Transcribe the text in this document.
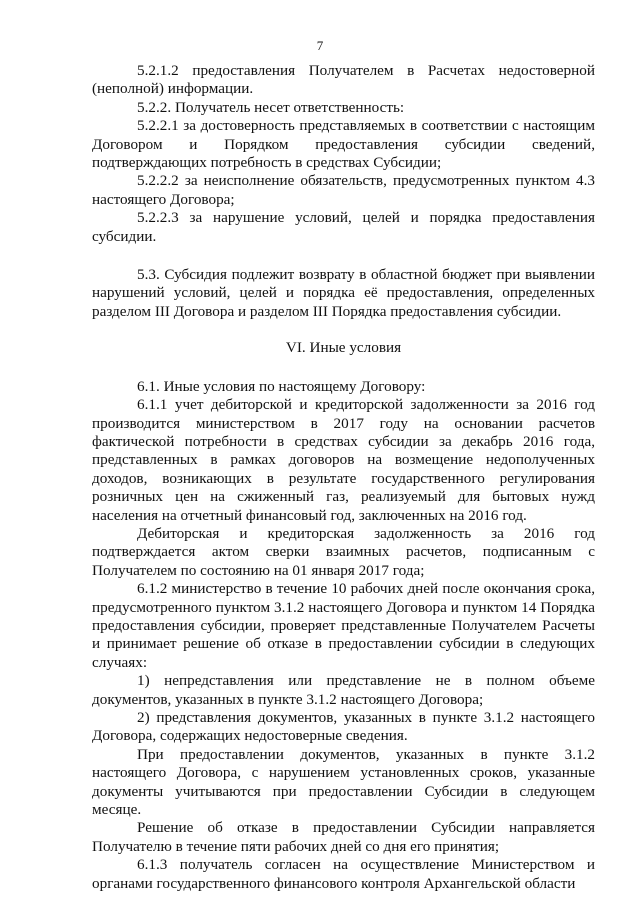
7

5.2.1.2 предоставления Получателем в Расчетах недостоверной (неполной) информации.

5.2.2. Получатель несет ответственность:

5.2.2.1 за достоверность представляемых в соответствии с настоящим Договором и Порядком предоставления субсидии сведений, подтверждающих потребность в средствах Субсидии;

5.2.2.2 за неисполнение обязательств, предусмотренных пунктом 4.3 настоящего Договора;

5.2.2.3 за нарушение условий, целей и порядка предоставления субсидии.

5.3. Субсидия подлежит возврату в областной бюджет при выявлении нарушений условий, целей и порядка её предоставления, определенных разделом III Договора и разделом III Порядка предоставления субсидии.

VI. Иные условия

6.1. Иные условия по настоящему Договору:

6.1.1 учет дебиторской и кредиторской задолженности за 2016 год производится министерством в 2017 году на основании расчетов фактической потребности в средствах субсидии за декабрь 2016 года, представленных в рамках договоров на возмещение недополученных доходов, возникающих в результате государственного регулирования розничных цен на сжиженный газ, реализуемый для бытовых нужд населения на отчетный финансовый год, заключенных на 2016 год.

Дебиторская и кредиторская задолженность за 2016 год подтверждается актом сверки взаимных расчетов, подписанным с Получателем по состоянию на 01 января 2017 года;

6.1.2 министерство в течение 10 рабочих дней после окончания срока, предусмотренного пунктом 3.1.2 настоящего Договора и пунктом 14 Порядка предоставления субсидии, проверяет представленные Получателем Расчеты и принимает решение об отказе в предоставлении субсидии в следующих случаях:

1) непредставления или представление не в полном объеме документов, указанных в пункте 3.1.2 настоящего Договора;

2) представления документов, указанных в пункте 3.1.2 настоящего Договора, содержащих недостоверные сведения.

При предоставлении документов, указанных в пункте 3.1.2 настоящего Договора, с нарушением установленных сроков, указанные документы учитываются при предоставлении Субсидии в следующем месяце.

Решение об отказе в предоставлении Субсидии направляется Получателю в течение пяти рабочих дней со дня его принятия;

6.1.3 получатель согласен на осуществление Министерством и органами государственного финансового контроля Архангельской области
